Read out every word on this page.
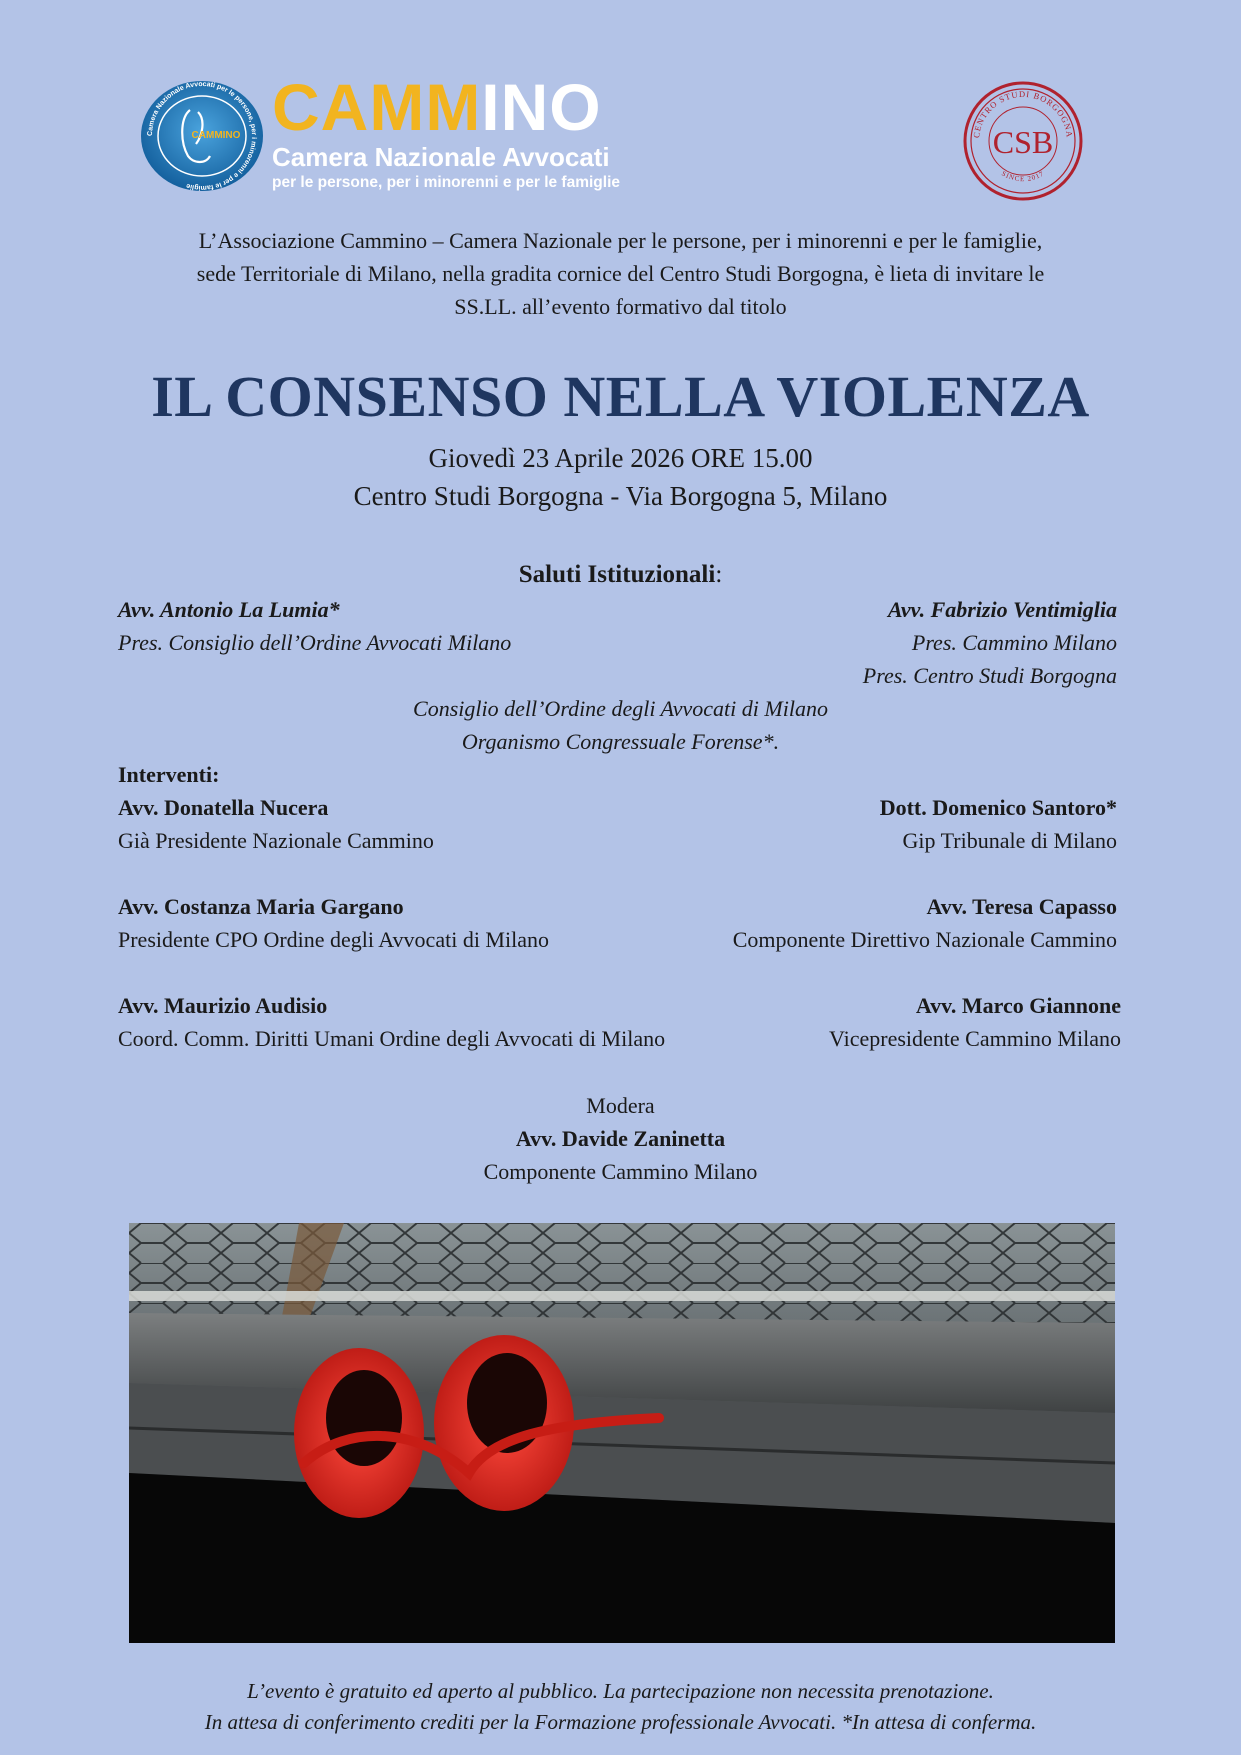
Camera Nazionale Avvocati per le persone, per i minorenni e per le famiglie
CAMMINO CAMMINO
Camera Nazionale Avvocati
per le persone, per i minorenni e per le famiglie
CENTRO STUDI BORGOGNA
SINCE 2017
CSB
L’Associazione Cammino – Camera Nazionale per le persone, per i minorenni e per le famiglie,
sede Territoriale di Milano, nella gradita cornice del Centro Studi Borgogna, è lieta di invitare le
SS.LL. all’evento formativo dal titolo
IL CONSENSO NELLA VIOLENZA
Giovedì 23 Aprile 2026 ORE 15.00
Centro Studi Borgogna - Via Borgogna 5, Milano
Saluti Istituzionali:
Avv. Antonio La Lumia*
Pres. Consiglio dell’Ordine Avvocati Milano
Avv. Fabrizio Ventimiglia
Pres. Cammino Milano
Pres. Centro Studi Borgogna
Consiglio dell’Ordine degli Avvocati di Milano
Organismo Congressuale Forense*.
Interventi:
Avv. Donatella Nucera
Già Presidente Nazionale Cammino
Dott. Domenico Santoro*
Gip Tribunale di Milano
Avv. Costanza Maria Gargano
Presidente CPO Ordine degli Avvocati di Milano
Avv. Teresa Capasso
Componente Direttivo Nazionale Cammino
Avv. Maurizio Audisio
Coord. Comm. Diritti Umani Ordine degli Avvocati di Milano
Avv. Marco Giannone
Vicepresidente Cammino Milano
Modera
Avv. Davide Zaninetta
Componente Cammino Milano
L’evento è gratuito ed aperto al pubblico. La partecipazione non necessita prenotazione.
In attesa di conferimento crediti per la Formazione professionale Avvocati. *In attesa di conferma.
